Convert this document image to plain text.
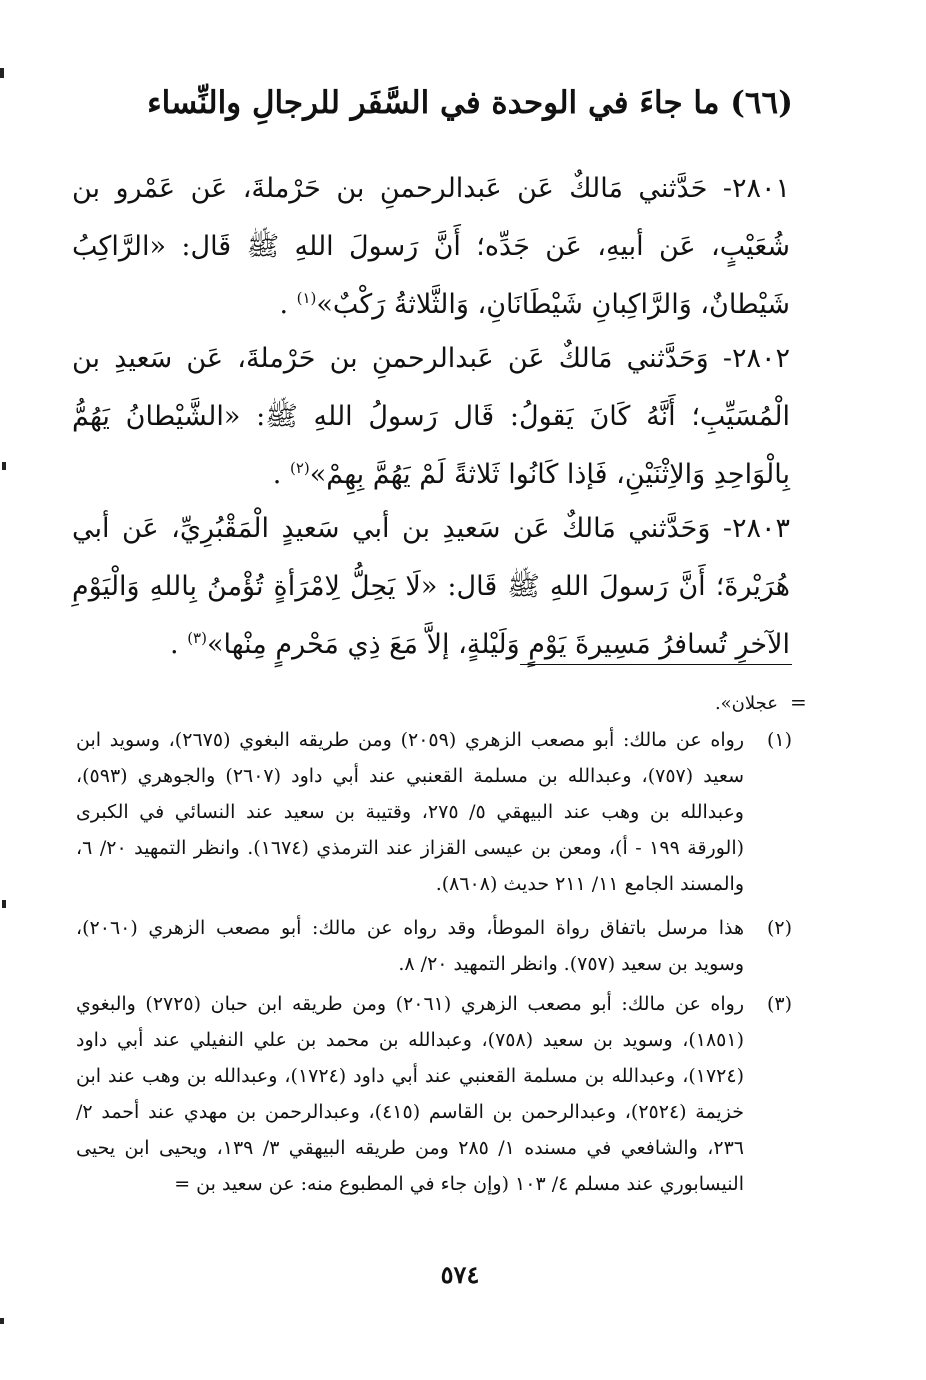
(٦٦) ما جاءَ في الوحدة في السَّفَر للرجالِ والنِّساء
٢٨٠١- حَدَّثني مَالكٌ عَن عَبدالرحمنِ بن حَرْملةَ، عَن عَمْرو بن شُعَيْبٍ، عَن أبيهِ، عَن جَدِّه؛ أَنَّ رَسولَ اللهِ ﷺ قَال: «الرَّاكِبُ شَيْطانٌ، وَالرَّاكِبانِ شَيْطَانَانِ، وَالثَّلاثةُ رَكْبٌ»$^{(١)}$ .
٢٨٠٢- وَحَدَّثني مَالكٌ عَن عَبدالرحمنِ بن حَرْملةَ، عَن سَعيدِ بن الْمُسَيِّبِ؛ أَنَّهُ كَانَ يَقولُ: قَال رَسولُ اللهِ ﷺ: «الشَّيْطانُ يَهُمُّ بِالْوَاحِدِ وَالاِثْنَيْنِ، فَإذا كَانُوا ثَلاثةً لَمْ يَهُمَّ بِهِمْ»$^{(٢)}$ .
٢٨٠٣- وَحَدَّثني مَالكٌ عَن سَعيدِ بن أبي سَعيدٍ الْمَقْبُرِيِّ، عَن أبي هُرَيْرةَ؛ أَنَّ رَسولَ اللهِ ﷺ قَال: «لَا يَحِلُّ لِامْرَأةٍ تُؤْمنُ بِاللهِ وَالْيَوْمِ الآخرِ تُسافرُ مَسِيرةَ يَوْمٍ وَلَيْلةٍ، إلاَّ مَعَ ذِي مَحْرمٍ مِنْها»$^{(٣)}$ .
عجلان». =
(١)
رواه عن مالك: أبو مصعب الزهري (٢٠٥٩) ومن طريقه البغوي (٢٦٧٥)، وسويد ابن سعيد (٧٥٧)، وعبدالله بن مسلمة القعنبي عند أبي داود (٢٦٠٧) والجوهري (٥٩٣)، وعبدالله بن وهب عند البيهقي ٥/ ٢٧٥، وقتيبة بن سعيد عند النسائي في الكبرى (الورقة ١٩٩ - أ)، ومعن بن عيسى القزاز عند الترمذي (١٦٧٤). وانظر التمهيد ٢٠/ ٦، والمسند الجامع ١١/ ٢١١ حديث (٨٦٠٨).
(٢)
هذا مرسل باتفاق رواة الموطأ، وقد رواه عن مالك: أبو مصعب الزهري (٢٠٦٠)، وسويد بن سعيد (٧٥٧). وانظر التمهيد ٢٠/ ٨.
(٣)
رواه عن مالك: أبو مصعب الزهري (٢٠٦١) ومن طريقه ابن حبان (٢٧٢٥) والبغوي (١٨٥١)، وسويد بن سعيد (٧٥٨)، وعبدالله بن محمد بن علي النفيلي عند أبي داود (١٧٢٤)، وعبدالله بن مسلمة القعنبي عند أبي داود (١٧٢٤)، وعبدالله بن وهب عند ابن خزيمة (٢٥٢٤)، وعبدالرحمن بن القاسم (٤١٥)، وعبدالرحمن بن مهدي عند أحمد ٢/ ٢٣٦، والشافعي في مسنده ١/ ٢٨٥ ومن طريقه البيهقي ٣/ ١٣٩، ويحيى ابن يحيى النيسابوري عند مسلم ٤/ ١٠٣ (وإن جاء في المطبوع منه: عن سعيد بن =
٥٧٤
